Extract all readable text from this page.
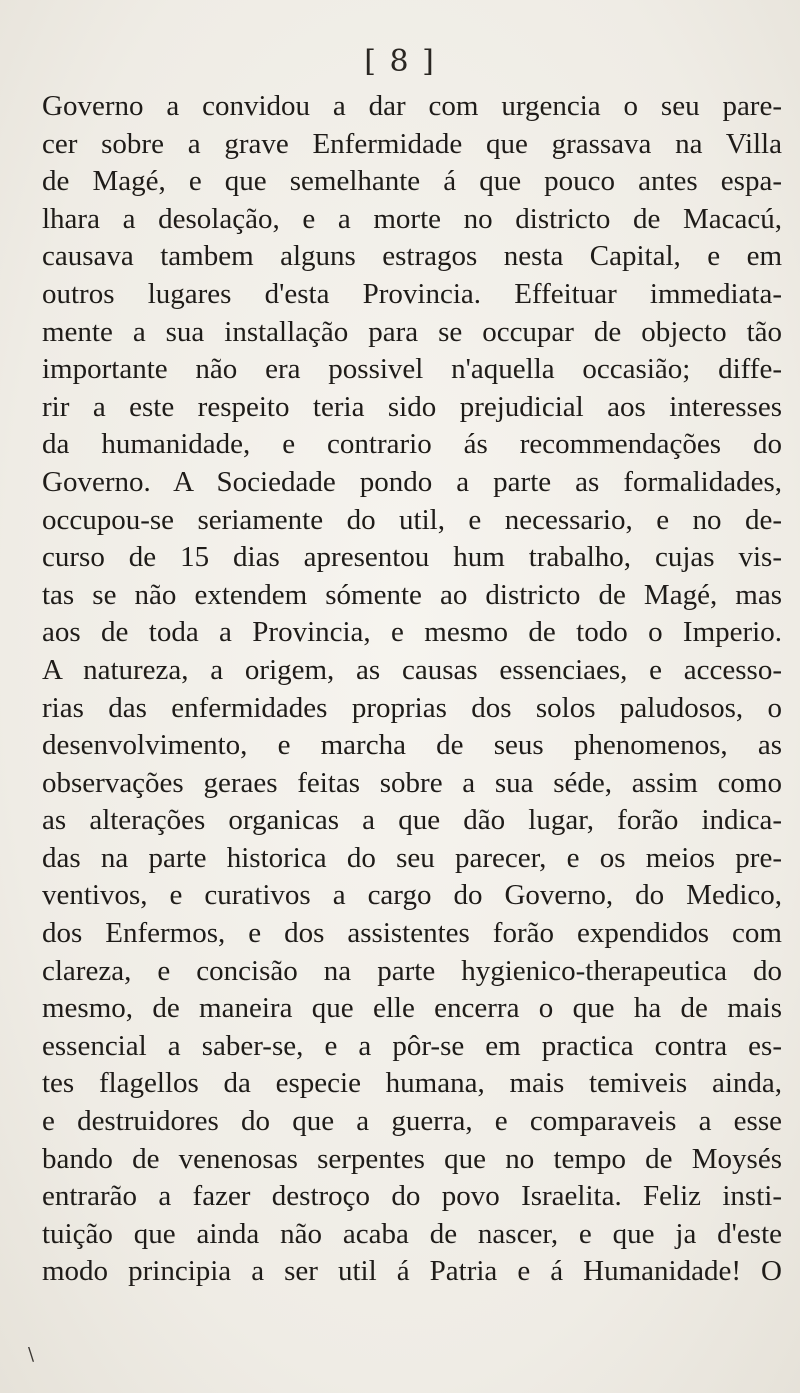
[ 8 ]
Governo a convidou a dar com urgencia o seu pare-
cer sobre a grave Enfermidade que grassava na Villa
de Magé, e que semelhante á que pouco antes espa-
lhara a desolação, e a morte no districto de Macacú,
causava tambem alguns estragos nesta Capital, e em
outros lugares d'esta Provincia. Effeituar immediata-
mente a sua installação para se occupar de objecto tão
importante não era possivel n'aquella occasião; diffe-
rir a este respeito teria sido prejudicial aos interesses
da humanidade, e contrario ás recommendações do
Governo. A Sociedade pondo a parte as formalidades,
occupou-se seriamente do util, e necessario, e no de-
curso de 15 dias apresentou hum trabalho, cujas vis-
tas se não extendem sómente ao districto de Magé, mas
aos de toda a Provincia, e mesmo de todo o Imperio.
A natureza, a origem, as causas essenciaes, e accesso-
rias das enfermidades proprias dos solos paludosos, o
desenvolvimento, e marcha de seus phenomenos, as
observações geraes feitas sobre a sua séde, assim como
as alterações organicas a que dão lugar, forão indica-
das na parte historica do seu parecer, e os meios pre-
ventivos, e curativos a cargo do Governo, do Medico,
dos Enfermos, e dos assistentes forão expendidos com
clareza, e concisão na parte hygienico-therapeutica do
mesmo, de maneira que elle encerra o que ha de mais
essencial a saber-se, e a pôr-se em practica contra es-
tes flagellos da especie humana, mais temiveis ainda,
e destruidores do que a guerra, e comparaveis a esse
bando de venenosas serpentes que no tempo de Moysés
entrarão a fazer destroço do povo Israelita. Feliz insti-
tuição que ainda não acaba de nascer, e que ja d'este
modo principia a ser util á Patria e á Humanidade! O
\
